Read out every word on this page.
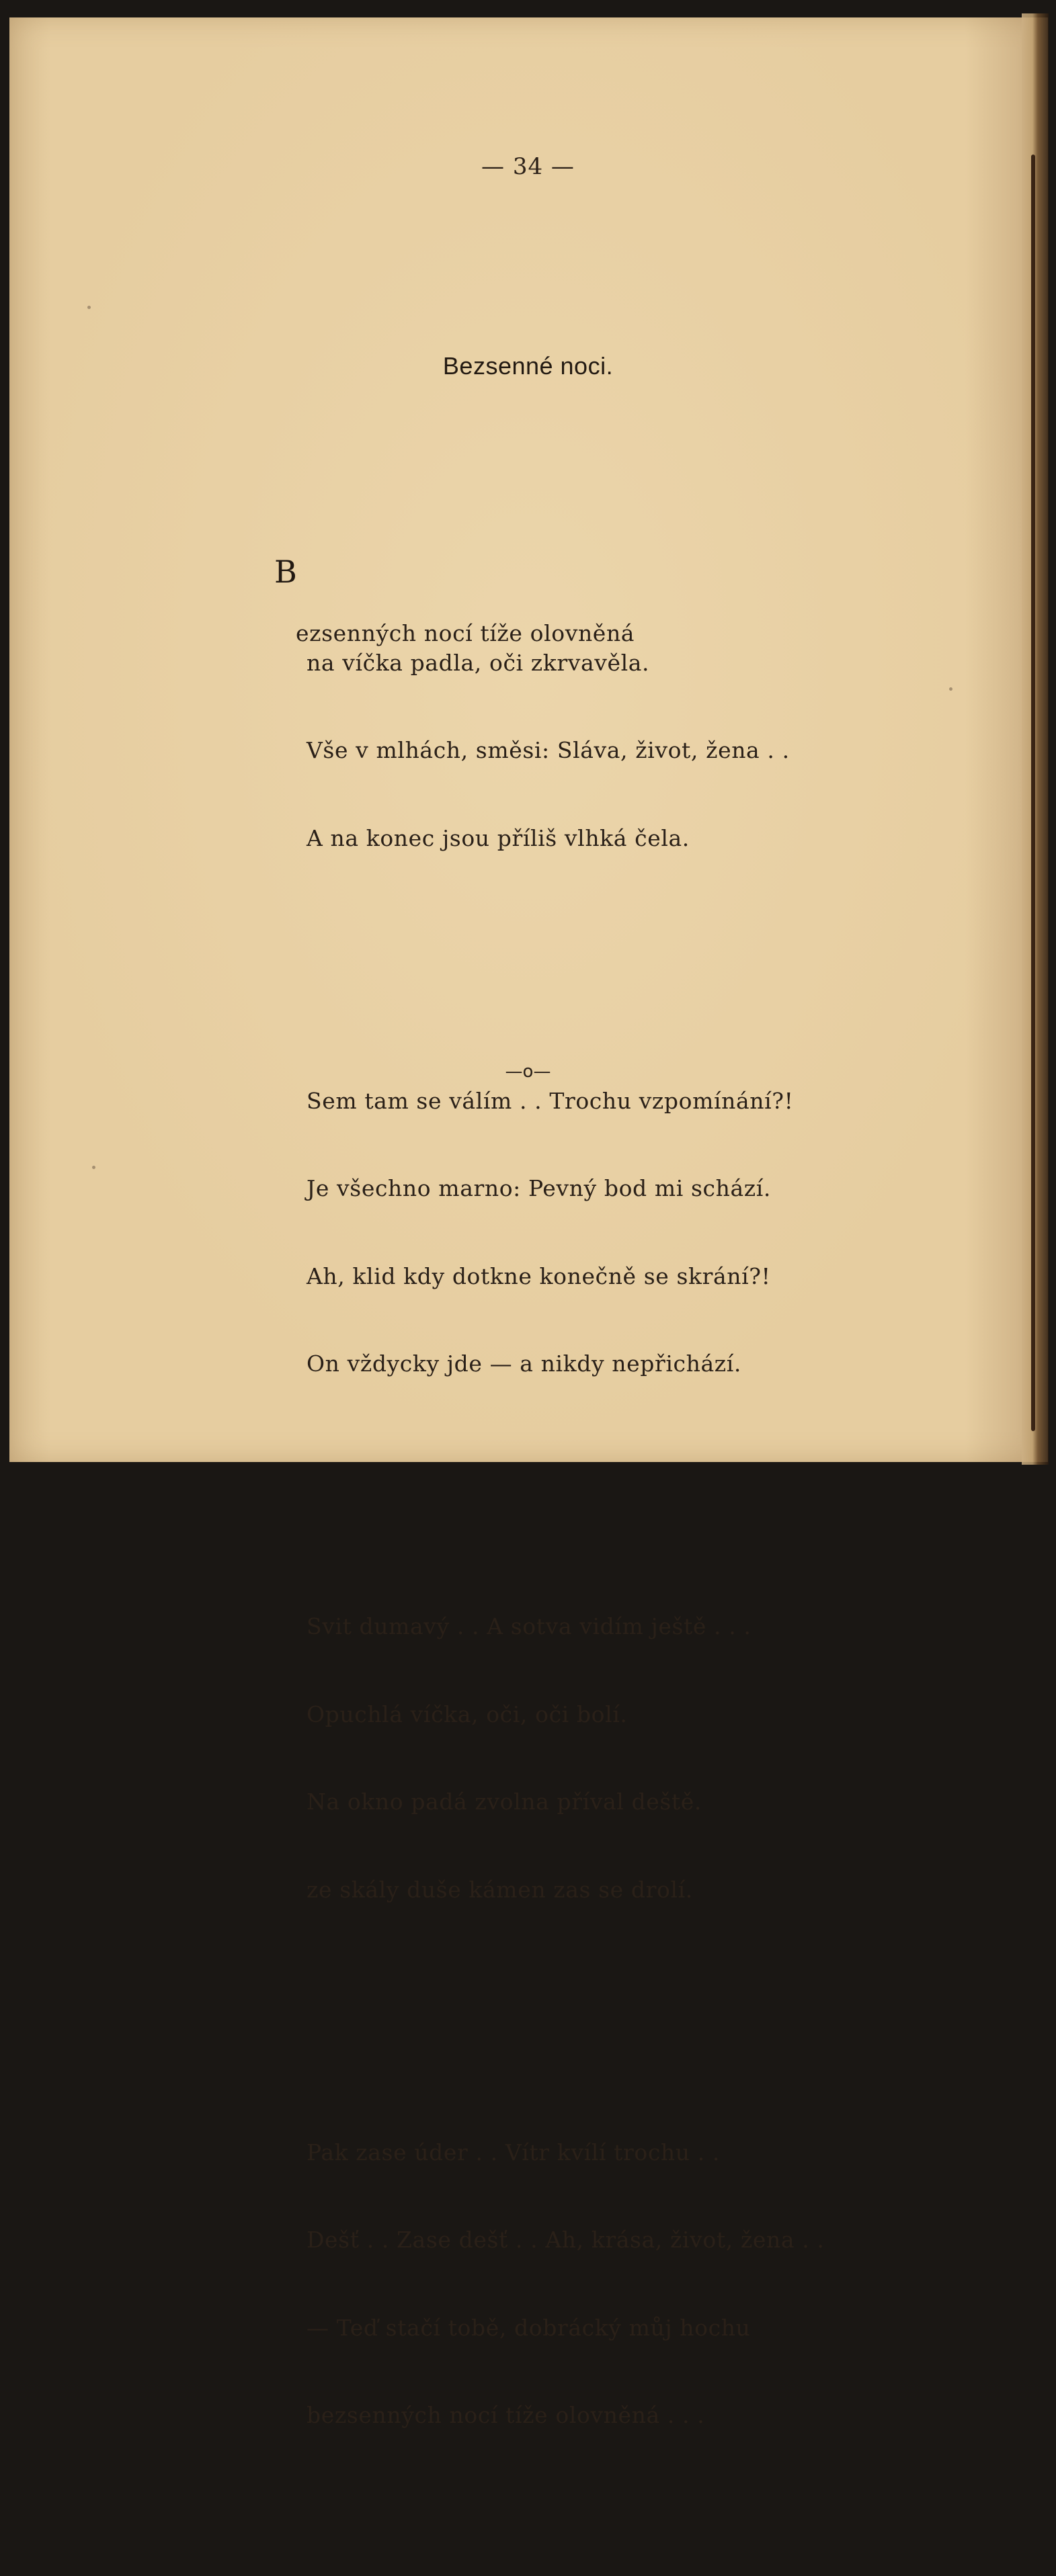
— 34 —
Bezsenné noci.

B

ezsenných nocí tíže olovněná

na víčka padla, oči zkrvavěla.

Vše v mlhách, směsi: Sláva, život, žena . .

A na konec jsou příliš vlhká čela.

Sem tam se válím . . Trochu vzpomínání?!

Je všechno marno: Pevný bod mi schází.

Ah, klid kdy dotkne konečně se skrání?!

On vždycky jde — a nikdy nepřichází.

Svit dumavý . . A sotva vidím ještě . . .

Opuchlá víčka, oči, oči bolí.

Na okno padá zvolna příval deště.

ze skály duše kámen zas se drolí.

Pak zase úder . . Vítr kvílí trochu . .

Dešť . . Zase dešť . . Ah, krása, život, žena . .

— Teď stačí tobě, dobrácký můj hochu

bezsenných nocí tíže olovněná . . .

—o—
